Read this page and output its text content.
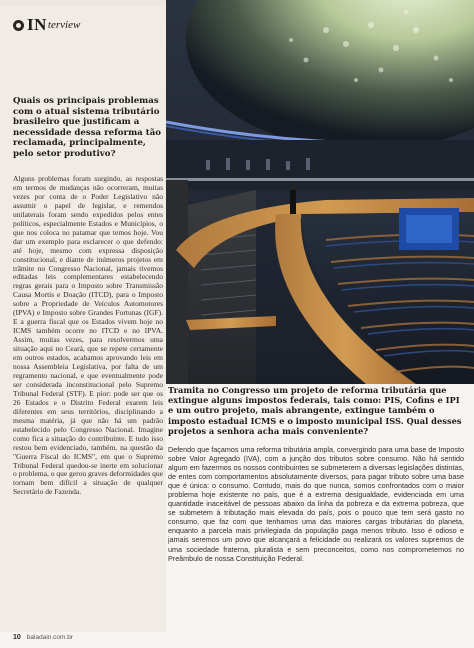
IN terview
Quais os principais problemas com o atual sistema tributário brasileiro que justificam a necessidade dessa reforma tão reclamada, principalmente, pelo setor produtivo?
Alguns problemas foram surgindo, as respostas em termos de mudanças não ocorreram, muitas vezes por conta de o Poder Legislativo não assumir o papel de legislar, e remendos unilaterais foram sendo expedidos pelos entes políticos, especialmente Estados e Municípios, o que nos coloca no patamar que temos hoje. Vou dar um exemplo para esclarecer o que defendo: até hoje, mesmo com expressa disposição constitucional, e diante de inúmeros projetos em trâmite no Congresso Nacional, jamais tivemos editadas leis complementares estabelecendo regras gerais para o Imposto sobre Transmissão Causa Mortis e Doação (ITCD), para o Imposto sobre a Propriedade de Veículos Automotores (IPVA) e Imposto sobre Grandes Fortunas (IGF). E a guerra fiscal que os Estados vivem hoje no ICMS também ocorre no ITCD e no IPVA. Assim, muitas vezes, para resolvermos uma situação aqui no Ceará, que se repete certamente em outros estados, acabamos aprovando leis em nossa Assembleia Legislativa, por falta de um regramento nacional, e que eventualmente pode ser considerada inconstitucional pelo Supremo Tribunal Federal (STF). E pior: pode ser que os 26 Estados e o Distrito Federal exarem leis diferentes em seus territórios, disciplinando a mesma matéria, já que não há um padrão estabelecido pelo Congresso Nacional. Imagine como fica a situação do contribuinte. E tudo isso restou bem evidenciado, também, na questão da "Guerra Fiscal do ICMS", em que o Supremo Tribunal Federal quedou-se inerte em solucionar o problema, o que gerou graves deformidades que tornam bem difícil a situação de qualquer Secretário de Fazenda.
Tramita no Congresso um projeto de reforma tributária que extingue alguns impostos federais, tais como: PIS, Cofins e IPI e um outro projeto, mais abrangente, extingue também o imposto estadual ICMS e o imposto municipal ISS. Qual desses projetos a senhora acha mais conveniente?
Defendo que façamos uma reforma tributária ampla, convergindo para uma base de Imposto sobre Valor Agregado (IVA), com a junção dos tributos sobre consumo. Não há sentido algum em fazermos os nossos contribuintes se submeterem a diversas legislações distintas, de entes com comportamentos absolutamente diversos, para pagar tributo sobre uma base que é única: o consumo. Contudo, mais do que nunca, somos confrontados com o maior problema hoje existente no país, que é a extrema desigualdade, evidenciada em uma quantidade inaceitável de pessoas abaixo da linha da pobreza e da extrema pobreza, que se submetem à tributação mais elevada do país, pois o pouco que tem será gasto no consumo, que faz com que tenhamos uma das maiores cargas tributárias do planeta, enquanto a parcela mais privilegiada da população paga menos tributo. Isso é odioso e jamais seremos um povo que alcançará a felicidade ou realizará os valores supremos de uma sociedade fraterna, pluralista e sem preconceitos, como nos comprometemos no Preâmbulo de nossa Constituição Federal.
10 baladain.com.br
